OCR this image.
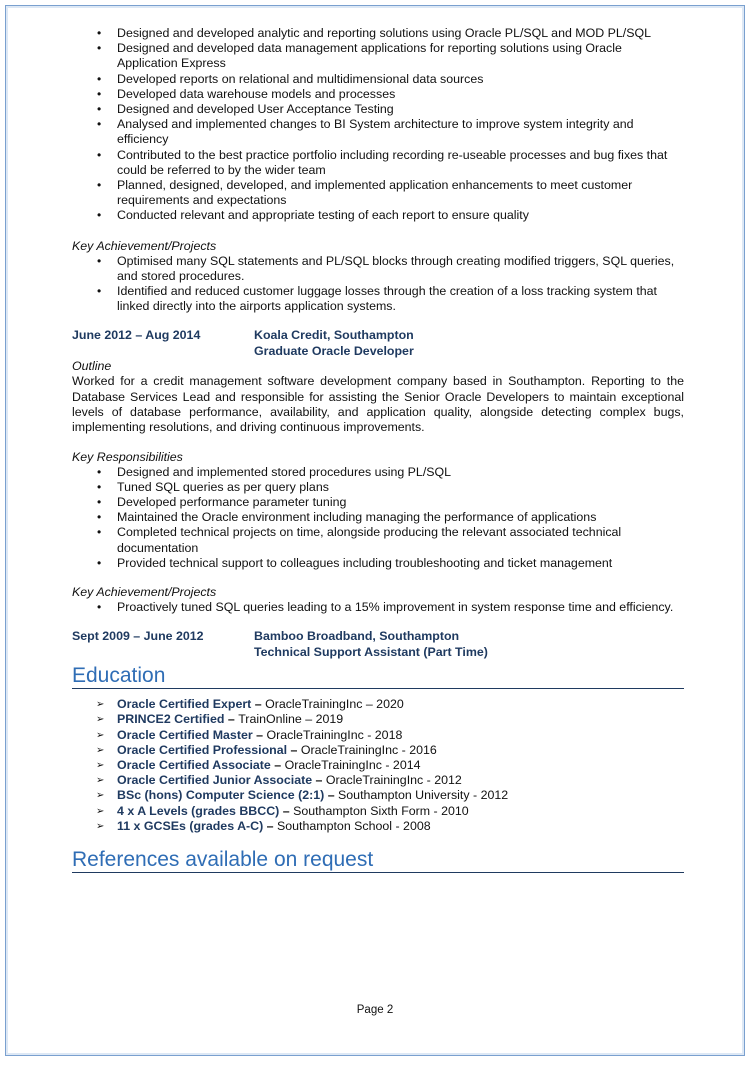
• Designed and developed analytic and reporting solutions using Oracle PL/SQL and MOD PL/SQL
• Designed and developed data management applications for reporting solutions using Oracle Application Express
• Developed reports on relational and multidimensional data sources
• Developed data warehouse models and processes
• Designed and developed User Acceptance Testing
• Analysed and implemented changes to BI System architecture to improve system integrity and efficiency
• Contributed to the best practice portfolio including recording re-useable processes and bug fixes that could be referred to by the wider team
• Planned, designed, developed, and implemented application enhancements to meet customer requirements and expectations
• Conducted relevant and appropriate testing of each report to ensure quality
Key Achievement/Projects
• Optimised many SQL statements and PL/SQL blocks through creating modified triggers, SQL queries, and stored procedures.
• Identified and reduced customer luggage losses through the creation of a loss tracking system that linked directly into the airports application systems.
June 2012 – Aug 2014	Koala Credit, Southampton
Graduate Oracle Developer
Outline
Worked for a credit management software development company based in Southampton. Reporting to the Database Services Lead and responsible for assisting the Senior Oracle Developers to maintain exceptional levels of database performance, availability, and application quality, alongside detecting complex bugs, implementing resolutions, and driving continuous improvements.
Key Responsibilities
• Designed and implemented stored procedures using PL/SQL
• Tuned SQL queries as per query plans
• Developed performance parameter tuning
• Maintained the Oracle environment including managing the performance of applications
• Completed technical projects on time, alongside producing the relevant associated technical documentation
• Provided technical support to colleagues including troubleshooting and ticket management
Key Achievement/Projects
• Proactively tuned SQL queries leading to a 15% improvement in system response time and efficiency.
Sept 2009 – June 2012	Bamboo Broadband, Southampton
Technical Support Assistant (Part Time)
Education
➢ Oracle Certified Expert – OracleTrainingInc – 2020
➢ PRINCE2 Certified – TrainOnline – 2019
➢ Oracle Certified Master – OracleTrainingInc - 2018
➢ Oracle Certified Professional – OracleTrainingInc - 2016
➢ Oracle Certified Associate – OracleTrainingInc - 2014
➢ Oracle Certified Junior Associate – OracleTrainingInc - 2012
➢ BSc (hons) Computer Science (2:1) – Southampton University - 2012
➢ 4 x A Levels (grades BBCC) – Southampton Sixth Form - 2010
➢ 11 x GCSEs (grades A-C) – Southampton School - 2008
References available on request
Page 2
